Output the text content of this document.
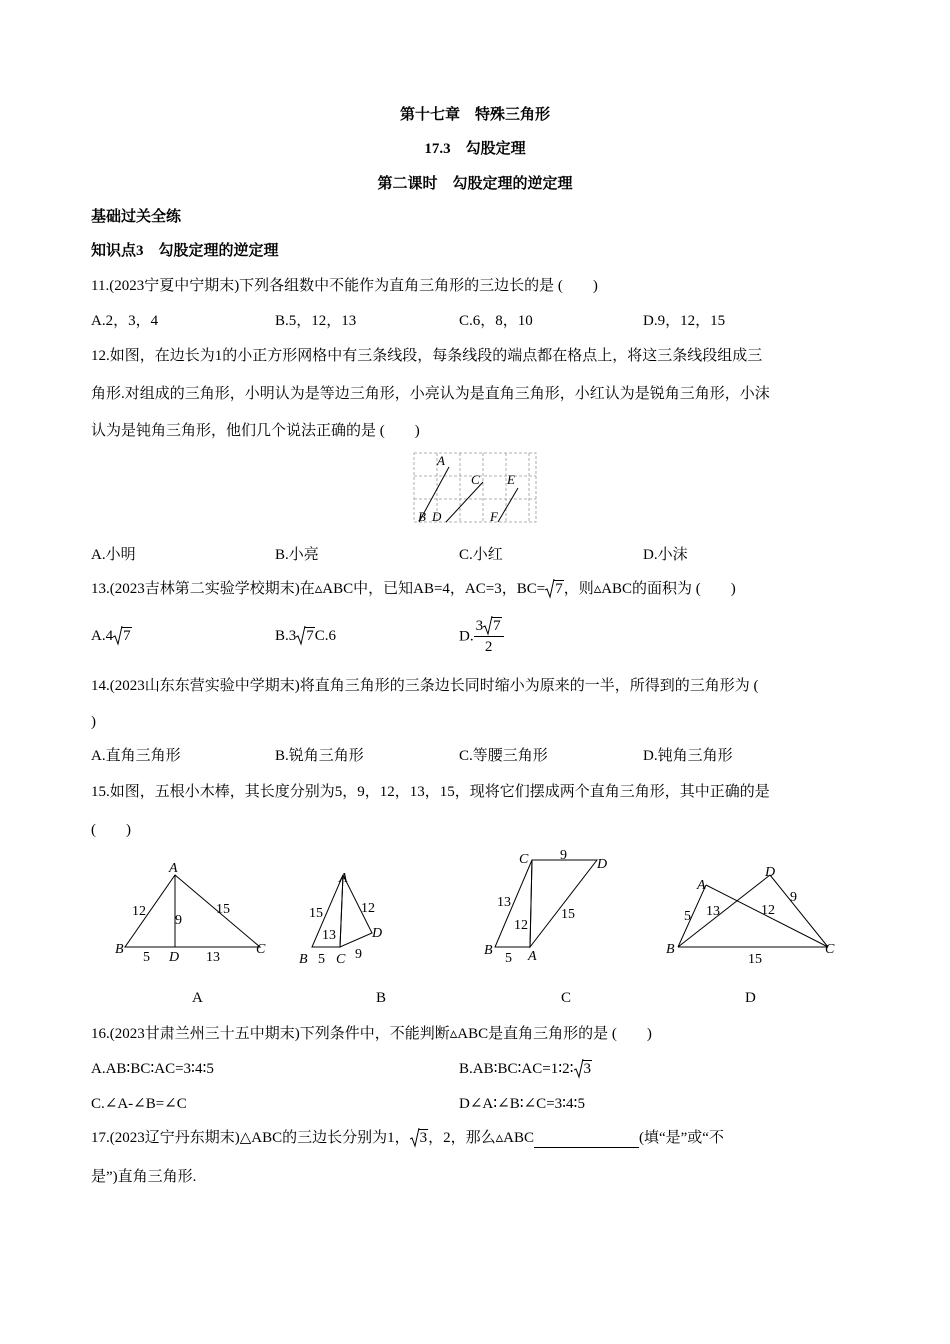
第十七章　特殊三角形
17.3　勾股定理
第二课时　勾股定理的逆定理
基础过关全练
知识点3　勾股定理的逆定理
11.(2023宁夏中宁期末)下列各组数中不能作为直角三角形的三边长的是 (　　)
A.2，3，4	B.5，12，13	C.6，8，10	D.9，12，15
12.如图，在边长为1的小正方形网格中有三条线段，每条线段的端点都在格点上，将这三条线段组成三
角形.对组成的三角形，小明认为是等边三角形，小亮认为是直角三角形，小红认为是锐角三角形，小沫
认为是钝角三角形，他们几个说法正确的是 (　　)
A
B D
C E
F
A.小明	B.小亮	C.小红	D.小沫
13.(2023吉林第二实验学校期末)在▵ABC中，已知AB=4，AC=3，BC= 7，则▵ABC的面积为 (　　)
A.4 7	B.3 7C.6	D. $\frac{3 7}{2}$
14.(2023山东东营实验中学期末)将直角三角形的三条边长同时缩小为原来的一半，所得到的三角形为 (
)
A.直角三角形	B.锐角三角形	C.等腰三角形	D.钝角三角形
15.如图，五根小木棒，其长度分别为5，9，12，13，15，现将它们摆成两个直角三角形，其中正确的是
(　　)
A
B
D
C
12
9
15
5	13
A
B C
D
15
13
12
5 9
C	D
B	A
9
13
12
15
5
A
D
B	C
5 13	12
9
15
A	B	C	D
16.(2023甘肃兰州三十五中期末)下列条件中，不能判断▵ABC是直角三角形的是 (　　)
A.AB∶BC∶AC=3∶4∶5	B.AB∶BC∶AC=1∶2∶ 3
C.∠A-∠B=∠C	D∠A∶∠B∶∠C=3∶4∶5
17.(2023辽宁丹东期末)△ABC的三边长分别为1， 3，2，那么▵ABC	(填“是”或“不
是”)直角三角形.
